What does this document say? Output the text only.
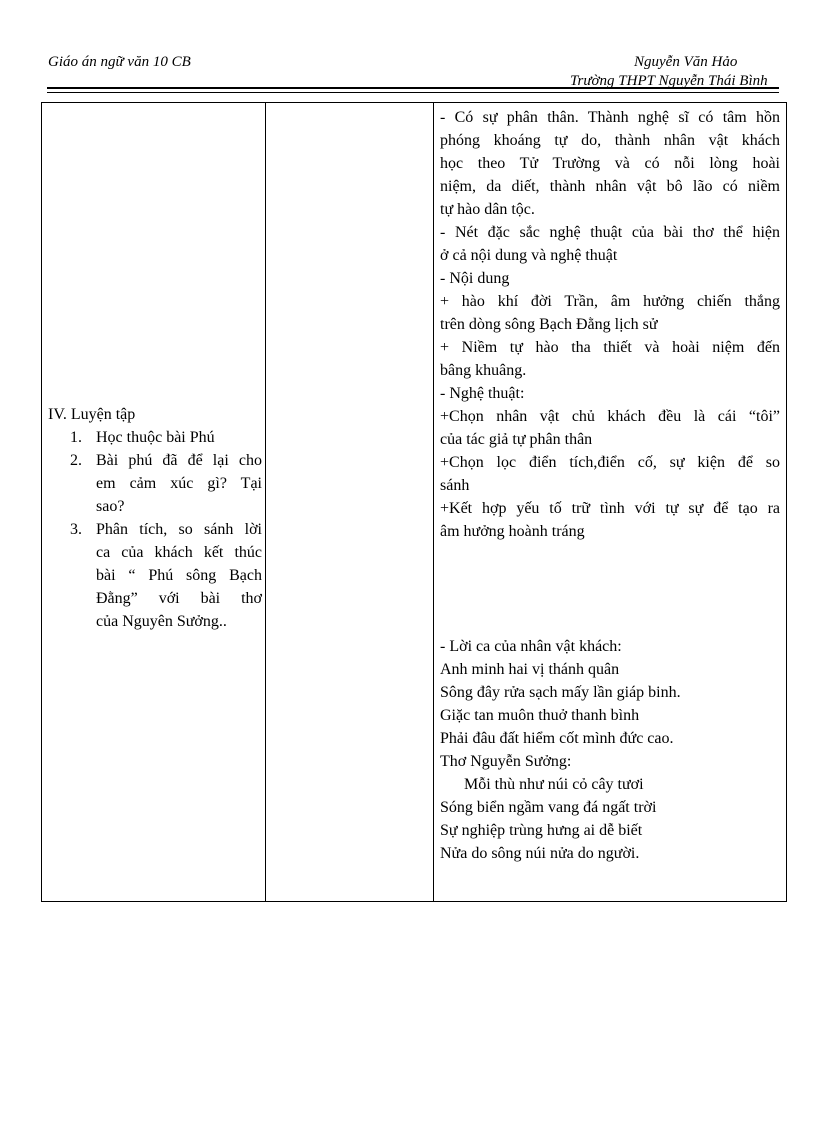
Giáo án ngữ văn 10 CB	Nguyễn Văn Hảo
Trường THPT Nguyễn Thái Bình
IV. Luyện tập
1. Học thuộc bài Phú
2. Bài phú đã để lại cho
em cảm xúc gì? Tại
sao?
3. Phân tích, so sánh lời
ca của khách kết thúc
bài “ Phú sông Bạch
Đằng” với bài thơ
của Nguyên Sưởng..
- Có sự phân thân. Thành nghệ sĩ có tâm hồn
phóng khoáng tự do, thành nhân vật khách
học theo Tử Trường và có nỗi lòng hoài
niệm, da diết, thành nhân vật bô lão có niềm
tự hào dân tộc.
- Nét đặc sắc nghệ thuật của bài thơ thể hiện
ở cả nội dung và nghệ thuật
- Nội dung
+ hào khí đời Trần, âm hưởng chiến thắng
trên dòng sông Bạch Đằng lịch sử
+ Niềm tự hào tha thiết và hoài niệm đến
bâng khuâng.
- Nghệ thuật:
+Chọn nhân vật chủ khách đều là cái “tôi”
của tác giả tự phân thân
+Chọn lọc điển tích,điển cố, sự kiện để so
sánh
+Kết hợp yếu tố trữ tình với tự sự để tạo ra
âm hưởng hoành tráng
- Lời ca của nhân vật khách:
Anh minh hai vị thánh quân
Sông đây rửa sạch mấy lần giáp binh.
Giặc tan muôn thuở thanh bình
Phải đâu đất hiểm cốt mình đức cao.
Thơ Nguyễn Sưởng:
Mỗi thù như núi cỏ cây tươi
Sóng biển ngầm vang đá ngất trời
Sự nghiệp trùng hưng ai dễ biết
Nửa do sông núi nửa do người.
